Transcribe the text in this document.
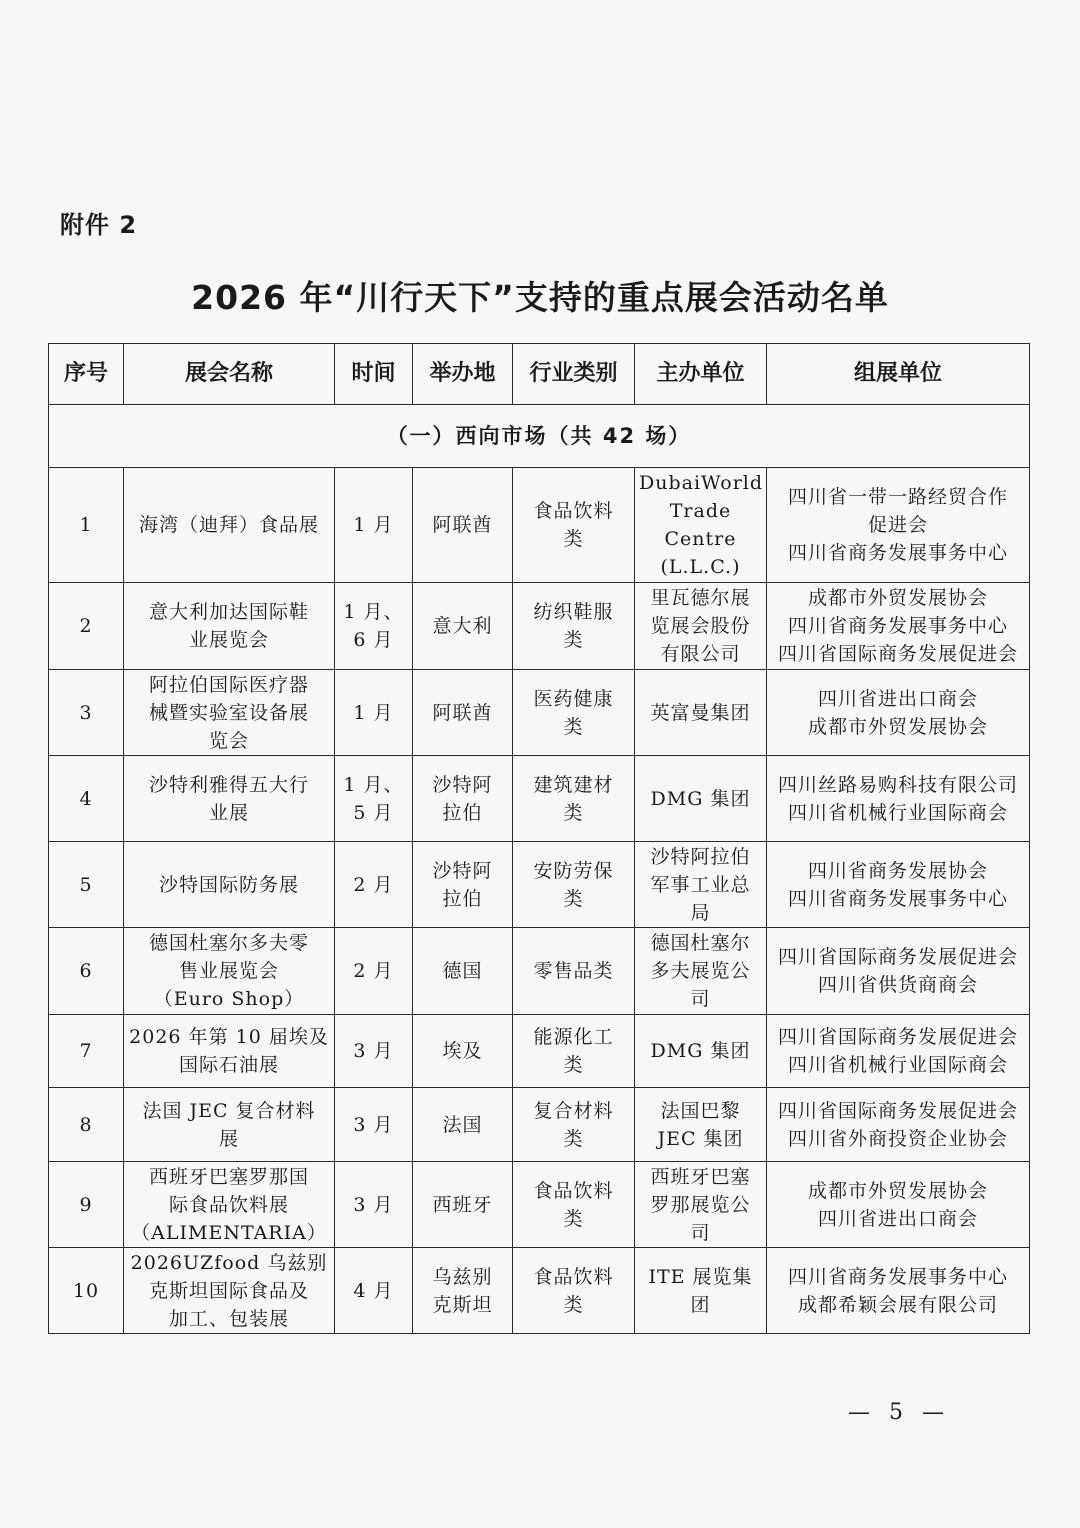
附件 2
2026 年“川行天下”支持的重点展会活动名单
序号	展会名称	时间	举办地	行业类别	主办单位	组展单位
（一）西向市场（共 42 场）						

1	海湾（迪拜）食品展	1 月	阿联酋	食品饮料
类	DubaiWorld
Trade
Centre
(L.L.C.)	四川省一带一路经贸合作
促进会
四川省商务发展事务中心

2	意大利加达国际鞋
业展览会	1 月、
6 月	意大利	纺织鞋服
类	里瓦德尔展
览展会股份
有限公司	成都市外贸发展协会
四川省商务发展事务中心
四川省国际商务发展促进会

3	阿拉伯国际医疗器
械暨实验室设备展
览会	1 月	阿联酋	医药健康
类	英富曼集团	四川省进出口商会
成都市外贸发展协会

4	沙特利雅得五大行
业展	1 月、
5 月	沙特阿
拉伯	建筑建材
类	DMG 集团	四川丝路易购科技有限公司
四川省机械行业国际商会

5	沙特国际防务展	2 月	沙特阿
拉伯	安防劳保
类	沙特阿拉伯
军事工业总
局	四川省商务发展协会
四川省商务发展事务中心

6	德国杜塞尔多夫零
售业展览会
（Euro Shop）	2 月	德国	零售品类	德国杜塞尔
多夫展览公
司	四川省国际商务发展促进会
四川省供货商商会

7	2026 年第 10 届埃及
国际石油展	3 月	埃及	能源化工
类	DMG 集团	四川省国际商务发展促进会
四川省机械行业国际商会

8	法国 JEC 复合材料
展	3 月	法国	复合材料
类	法国巴黎
JEC 集团	四川省国际商务发展促进会
四川省外商投资企业协会

9	西班牙巴塞罗那国
际食品饮料展
（ALIMENTARIA）	3 月	西班牙	食品饮料
类	西班牙巴塞
罗那展览公
司	成都市外贸发展协会
四川省进出口商会

10	2026UZfood 乌兹别
克斯坦国际食品及
加工、包装展	4 月	乌兹别
克斯坦	食品饮料
类	ITE 展览集
团	四川省商务发展事务中心
成都希颖会展有限公司
— 5 —
